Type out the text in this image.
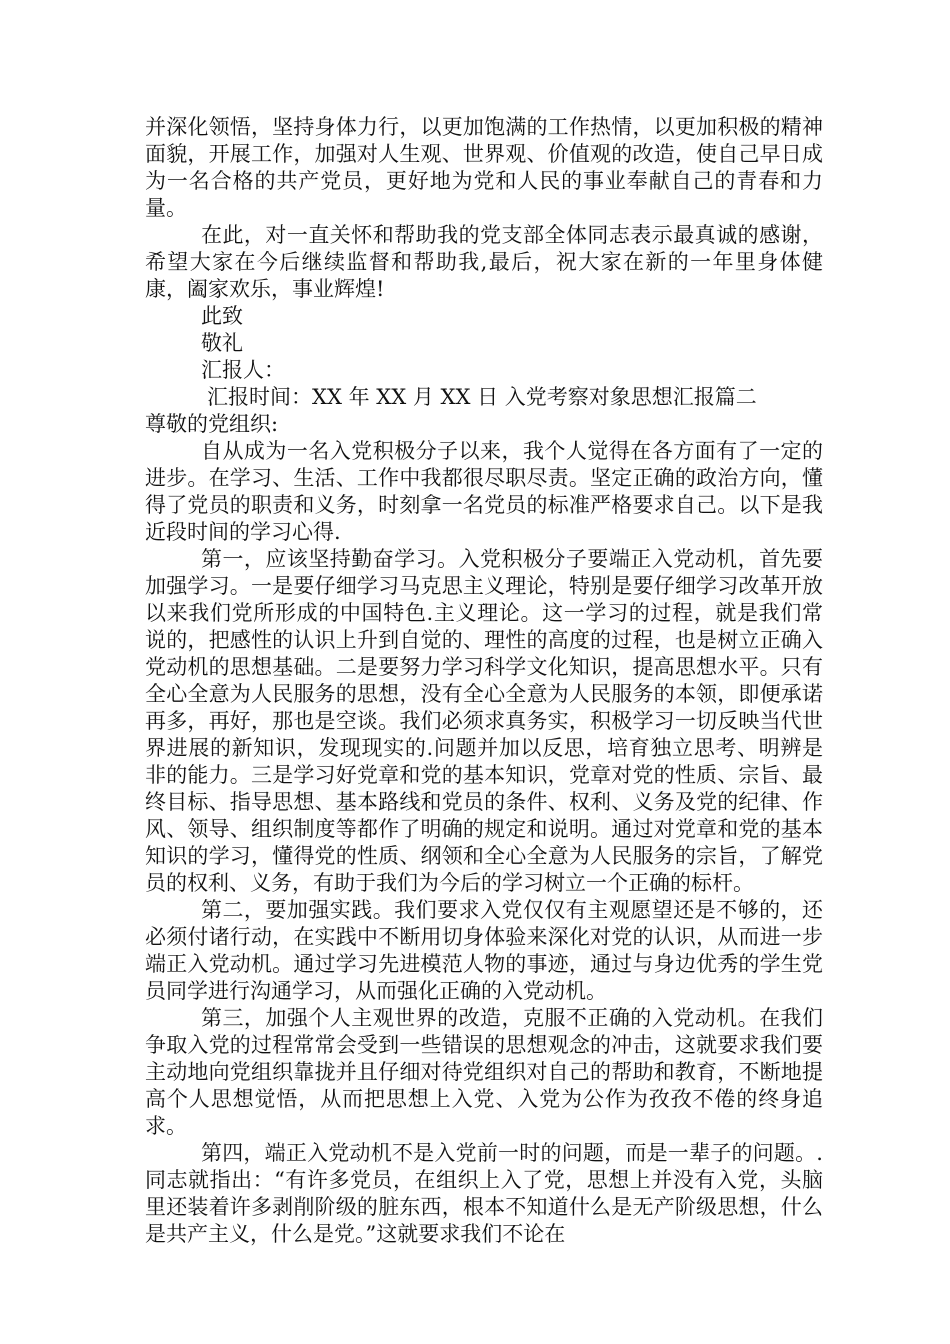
并深化领悟，坚持身体力行，以更加饱满的工作热情，以更加积极的精神面貌，开展工作，加强对人生观、世界观、价值观的改造，使自己早日成为一名合格的共产党员，更好地为党和人民的事业奉献自己的青春和力量。

在此，对一直关怀和帮助我的党支部全体同志表示最真诚的感谢，希望大家在今后继续监督和帮助我,最后，祝大家在新的一年里身体健康，阖家欢乐，事业辉煌!

此致

敬礼

汇报人：

汇报时间：XX 年 XX 月 XX 日 入党考察对象思想汇报篇二

尊敬的党组织:

自从成为一名入党积极分子以来，我个人觉得在各方面有了一定的进步。在学习、生活、工作中我都很尽职尽责。坚定正确的政治方向，懂得了党员的职责和义务，时刻拿一名党员的标准严格要求自己。以下是我近段时间的学习心得.

第一，应该坚持勤奋学习。入党积极分子要端正入党动机，首先要加强学习。一是要仔细学习马克思主义理论，特别是要仔细学习改革开放以来我们党所形成的中国特色.主义理论。这一学习的过程，就是我们常说的，把感性的认识上升到自觉的、理性的高度的过程，也是树立正确入党动机的思想基础。二是要努力学习科学文化知识，提高思想水平。只有全心全意为人民服务的思想，没有全心全意为人民服务的本领，即便承诺再多，再好，那也是空谈。我们必须求真务实，积极学习一切反映当代世界进展的新知识，发现现实的.问题并加以反思，培育独立思考、明辨是非的能力。三是学习好党章和党的基本知识，党章对党的性质、宗旨、最终目标、指导思想、基本路线和党员的条件、权利、义务及党的纪律、作风、领导、组织制度等都作了明确的规定和说明。通过对党章和党的基本知识的学习，懂得党的性质、纲领和全心全意为人民服务的宗旨，了解党员的权利、义务，有助于我们为今后的学习树立一个正确的标杆。

第二，要加强实践。我们要求入党仅仅有主观愿望还是不够的，还必须付诸行动，在实践中不断用切身体验来深化对党的认识，从而进一步端正入党动机。通过学习先进模范人物的事迹，通过与身边优秀的学生党员同学进行沟通学习，从而强化正确的入党动机。

第三，加强个人主观世界的改造，克服不正确的入党动机。在我们争取入党的过程常常会受到一些错误的思想观念的冲击，这就要求我们要主动地向党组织靠拢并且仔细对待党组织对自己的帮助和教育，不断地提高个人思想觉悟，从而把思想上入党、入党为公作为孜孜不倦的终身追求。

第四，端正入党动机不是入党前一时的问题，而是一辈子的问题。.同志就指出：“有许多党员，在组织上入了党，思想上并没有入党，头脑里还装着许多剥削阶级的脏东西，根本不知道什么是无产阶级思想，什么是共产主义，什么是党。”这就要求我们不论在
